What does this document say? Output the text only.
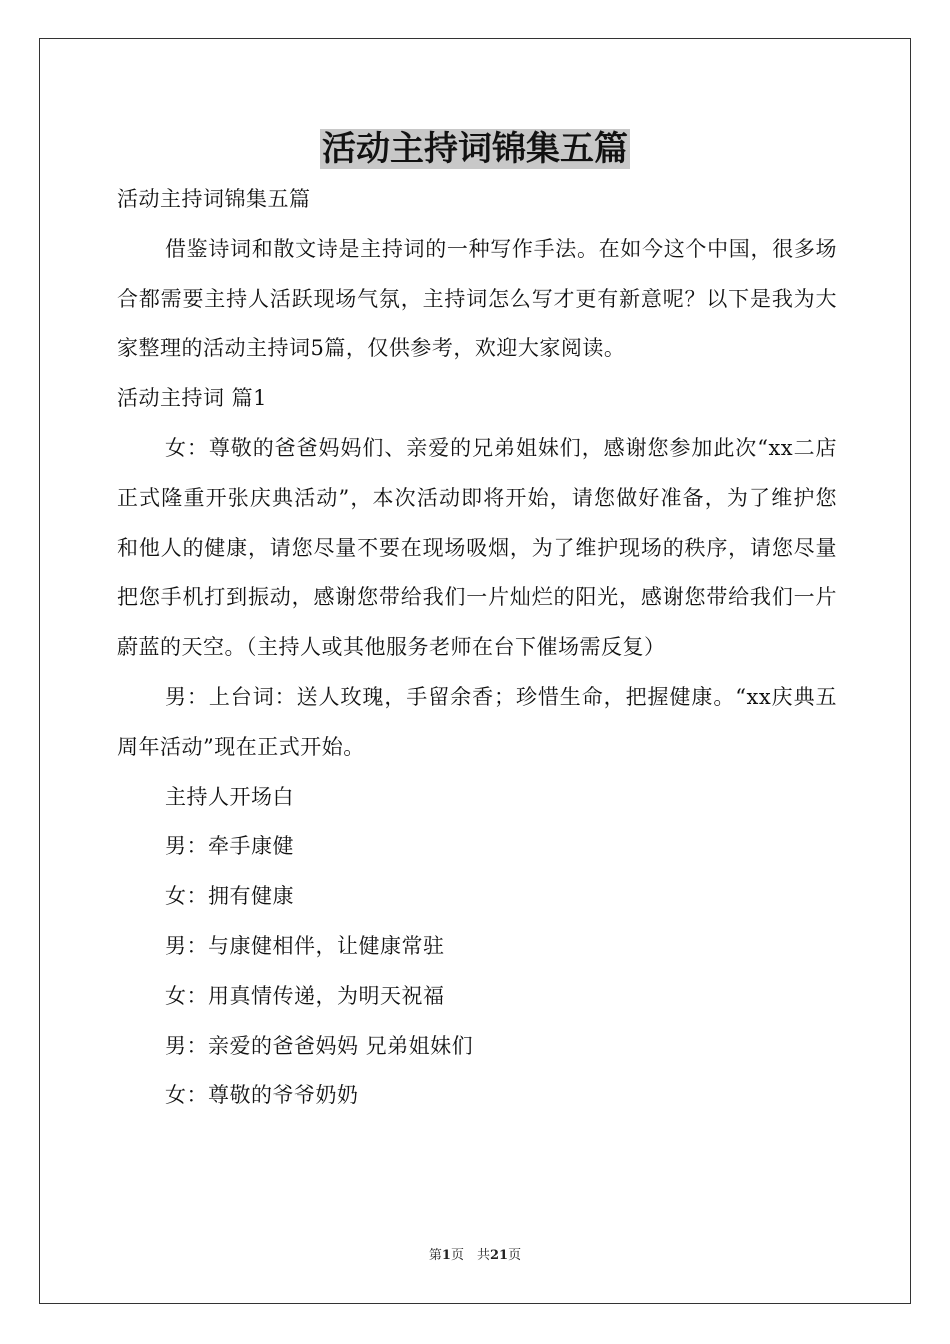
活动主持词锦集五篇

活动主持词锦集五篇

借鉴诗词和散文诗是主持词的一种写作手法。在如今这个中国，很多场合都需要主持人活跃现场气氛，主持词怎么写才更有新意呢？以下是我为大家整理的活动主持词5篇，仅供参考，欢迎大家阅读。

活动主持词 篇1

女：尊敬的爸爸妈妈们、亲爱的兄弟姐妹们，感谢您参加此次“xx二店正式隆重开张庆典活动”，本次活动即将开始，请您做好准备，为了维护您和他人的健康，请您尽量不要在现场吸烟，为了维护现场的秩序，请您尽量把您手机打到振动，感谢您带给我们一片灿烂的阳光，感谢您带给我们一片蔚蓝的天空。（主持人或其他服务老师在台下催场需反复）

男：上台词：送人玫瑰，手留余香；珍惜生命，把握健康。“xx庆典五周年活动”现在正式开始。

主持人开场白

男：牵手康健

女：拥有健康

男：与康健相伴，让健康常驻

女：用真情传递，为明天祝福

男：亲爱的爸爸妈妈 兄弟姐妹们

女：尊敬的爷爷奶奶

第1页　共21页
